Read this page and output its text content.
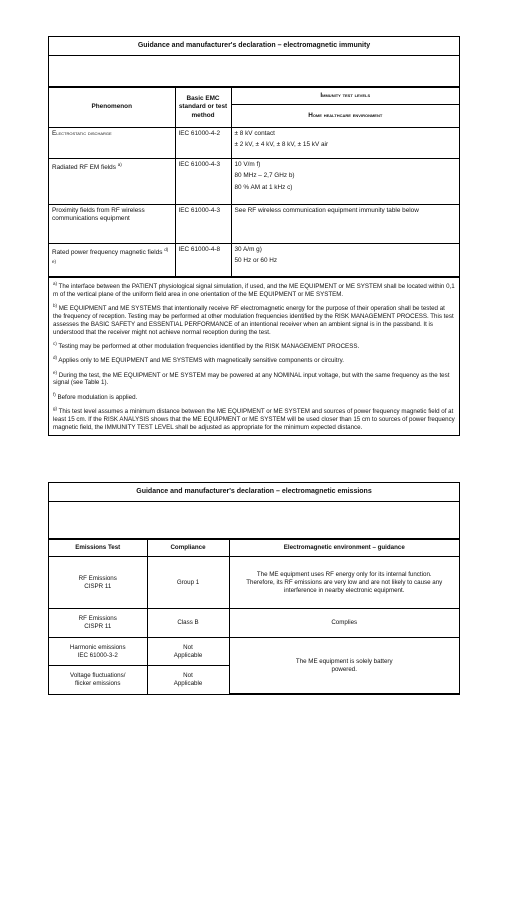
Guidance and manufacturer's declaration – electromagnetic immunity
Phenomenon	Basic EMC standard or test method	Immunity test levels
		Home healthcare environment
Electrostatic discharge	IEC 61000-4-2	± 8 kV contact
± 2 kV, ± 4 kV, ± 8 kV, ± 15 kV air

Radiated RF EM fields $^{a)}$	IEC 61000-4-3	10 V/m f)
80 MHz – 2,7 GHz b)
80 % AM at 1 kHz c)

Proximity fields from RF wireless communications equipment	IEC 61000-4-3	See RF wireless communication equipment immunity table below

Rated power frequency magnetic fields $^{d) e)}$	IEC 61000-4-8	30 A/m g)
50 Hz or 60 Hz

$^{a)}$ The interface between the PATIENT physiological signal simulation, if used, and the ME EQUIPMENT or ME SYSTEM shall be located within 0,1 m of the vertical plane of the uniform field area in one orientation of the ME EQUIPMENT or ME SYSTEM.

$^{b)}$ ME EQUIPMENT and ME SYSTEMS that intentionally receive RF electromagnetic energy for the purpose of their operation shall be tested at the frequency of reception. Testing may be performed at other modulation frequencies identified by the RISK MANAGEMENT PROCESS. This test assesses the BASIC SAFETY and ESSENTIAL PERFORMANCE of an intentional receiver when an ambient signal is in the passband. It is understood that the receiver might not achieve normal reception during the test.

$^{c)}$ Testing may be performed at other modulation frequencies identified by the RISK MANAGEMENT PROCESS.

$^{d)}$ Applies only to ME EQUIPMENT and ME SYSTEMS with magnetically sensitive components or circuitry.

$^{e)}$ During the test, the ME EQUIPMENT or ME SYSTEM may be powered at any NOMINAL input voltage, but with the same frequency as the test signal (see Table 1).

$^{f)}$ Before modulation is applied.

$^{g)}$ This test level assumes a minimum distance between the ME EQUIPMENT or ME SYSTEM and sources of power frequency magnetic field of at least 15 cm. If the RISK ANALYSIS shows that the ME EQUIPMENT or ME SYSTEM will be used closer than 15 cm to sources of power frequency magnetic field, the IMMUNITY TEST LEVEL shall be adjusted as appropriate for the minimum expected distance.

Guidance and manufacturer's declaration – electromagnetic emissions
Emissions Test	Compliance	Electromagnetic environment – guidance

RF Emissions
CISPR 11	Group 1	The ME equipment uses RF energy only for its internal function. Therefore, its RF emissions are very low and are not likely to cause any interference in nearby electronic equipment.

RF Emissions
CISPR 11	Class B	Complies

Harmonic emissions
IEC 61000-3-2	Not
Applicable	The ME equipment is solely battery powered.

Voltage fluctuations/
flicker emissions	Not
Applicable	
